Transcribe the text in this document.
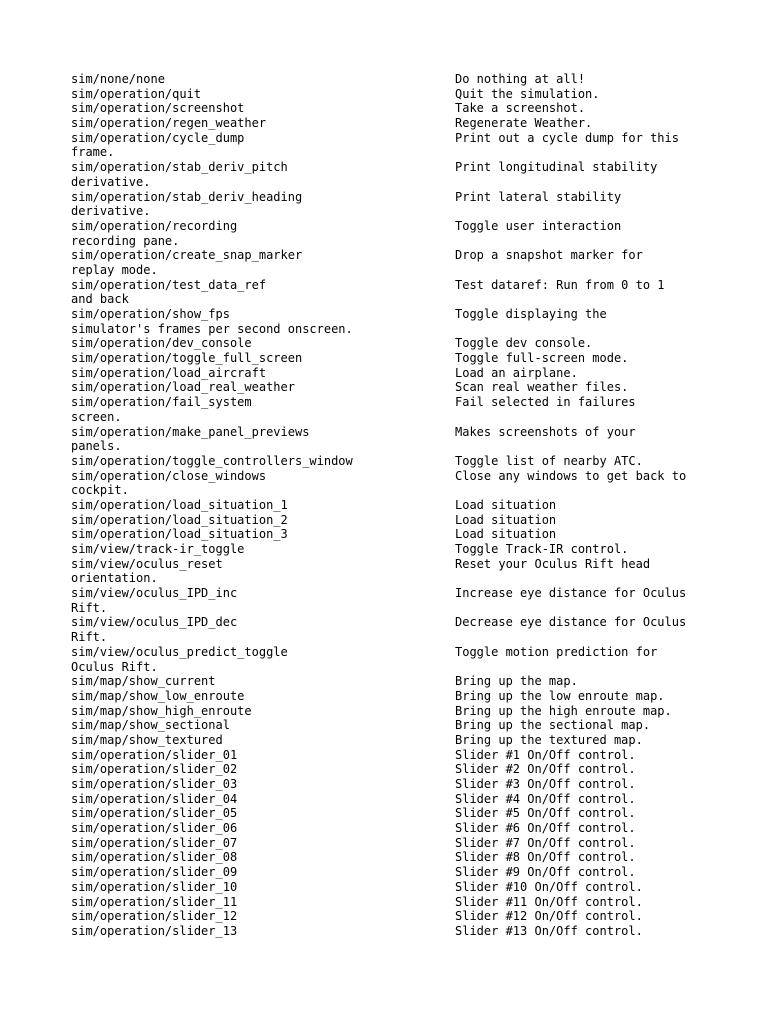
sim/none/none	Do nothing at all!
sim/operation/quit	Quit the simulation.
sim/operation/screenshot	Take a screenshot.
sim/operation/regen_weather	Regenerate Weather.
sim/operation/cycle_dump	Print out a cycle dump for this
frame.
sim/operation/stab_deriv_pitch	Print longitudinal stability
derivative.
sim/operation/stab_deriv_heading	Print lateral stability
derivative.
sim/operation/recording	Toggle user interaction
recording pane.
sim/operation/create_snap_marker	Drop a snapshot marker for
replay mode.
sim/operation/test_data_ref	Test dataref: Run from 0 to 1
and back
sim/operation/show_fps	Toggle displaying the
simulator's frames per second onscreen.
sim/operation/dev_console	Toggle dev console.
sim/operation/toggle_full_screen	Toggle full-screen mode.
sim/operation/load_aircraft	Load an airplane.
sim/operation/load_real_weather	Scan real weather files.
sim/operation/fail_system	Fail selected in failures
screen.
sim/operation/make_panel_previews	Makes screenshots of your
panels.
sim/operation/toggle_controllers_window	Toggle list of nearby ATC.
sim/operation/close_windows	Close any windows to get back to
cockpit.
sim/operation/load_situation_1	Load situation
sim/operation/load_situation_2	Load situation
sim/operation/load_situation_3	Load situation
sim/view/track-ir_toggle	Toggle Track-IR control.
sim/view/oculus_reset	Reset your Oculus Rift head
orientation.
sim/view/oculus_IPD_inc	Increase eye distance for Oculus
Rift.
sim/view/oculus_IPD_dec	Decrease eye distance for Oculus
Rift.
sim/view/oculus_predict_toggle	Toggle motion prediction for
Oculus Rift.
sim/map/show_current	Bring up the map.
sim/map/show_low_enroute	Bring up the low enroute map.
sim/map/show_high_enroute	Bring up the high enroute map.
sim/map/show_sectional	Bring up the sectional map.
sim/map/show_textured	Bring up the textured map.
sim/operation/slider_01	Slider #1 On/Off control.
sim/operation/slider_02	Slider #2 On/Off control.
sim/operation/slider_03	Slider #3 On/Off control.
sim/operation/slider_04	Slider #4 On/Off control.
sim/operation/slider_05	Slider #5 On/Off control.
sim/operation/slider_06	Slider #6 On/Off control.
sim/operation/slider_07	Slider #7 On/Off control.
sim/operation/slider_08	Slider #8 On/Off control.
sim/operation/slider_09	Slider #9 On/Off control.
sim/operation/slider_10	Slider #10 On/Off control.
sim/operation/slider_11	Slider #11 On/Off control.
sim/operation/slider_12	Slider #12 On/Off control.
sim/operation/slider_13	Slider #13 On/Off control.
